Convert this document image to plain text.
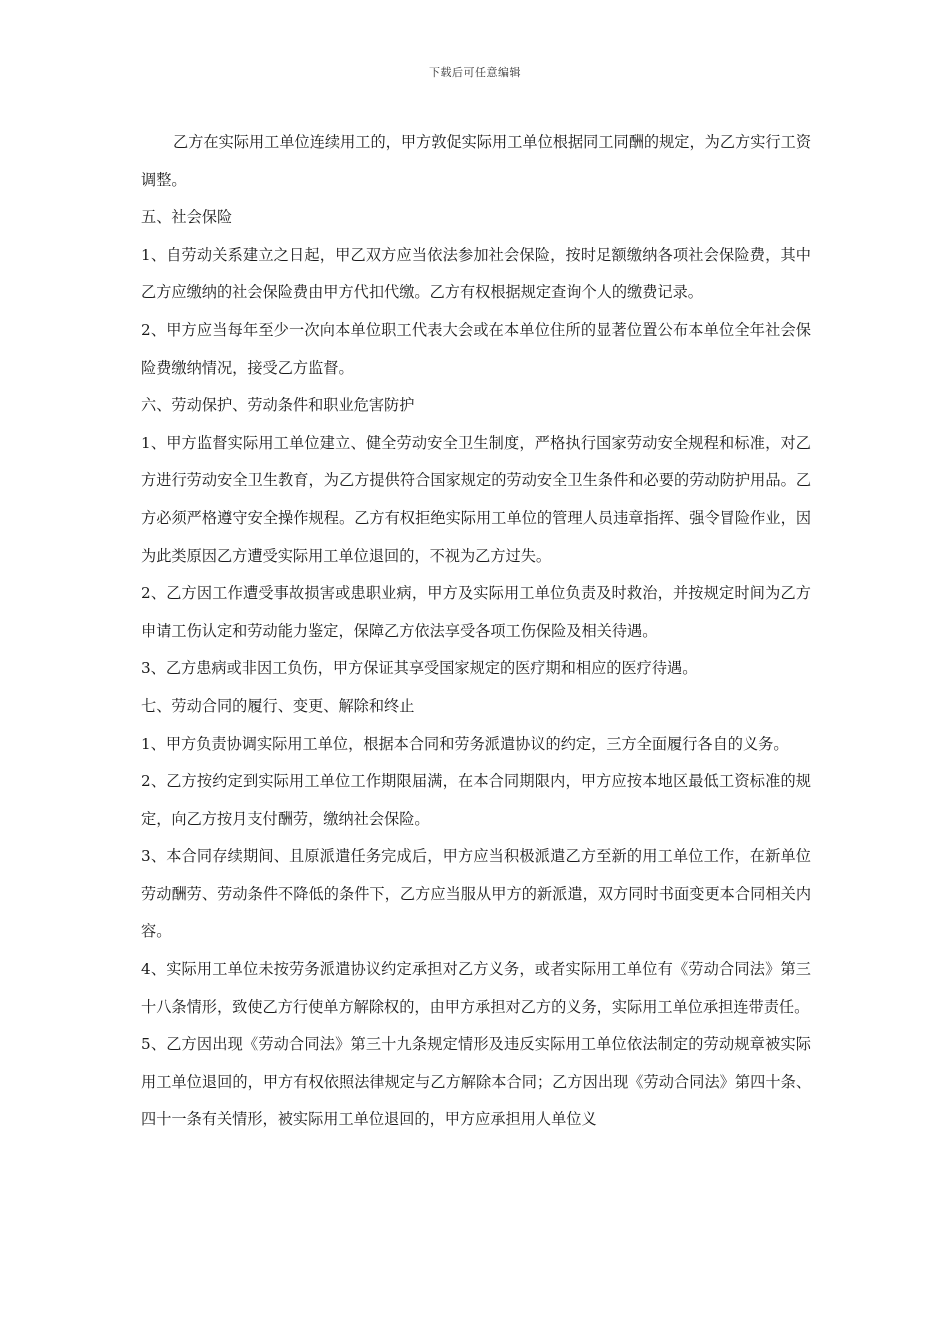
下载后可任意编辑

乙方在实际用工单位连续用工的，甲方敦促实际用工单位根据同工同酬的规定，为乙方实行工资调整。

五、社会保险

1、自劳动关系建立之日起，甲乙双方应当依法参加社会保险，按时足额缴纳各项社会保险费，其中乙方应缴纳的社会保险费由甲方代扣代缴。乙方有权根据规定查询个人的缴费记录。

2、甲方应当每年至少一次向本单位职工代表大会或在本单位住所的显著位置公布本单位全年社会保险费缴纳情况，接受乙方监督。

六、劳动保护、劳动条件和职业危害防护

1、甲方监督实际用工单位建立、健全劳动安全卫生制度，严格执行国家劳动安全规程和标准，对乙方进行劳动安全卫生教育，为乙方提供符合国家规定的劳动安全卫生条件和必要的劳动防护用品。乙方必须严格遵守安全操作规程。乙方有权拒绝实际用工单位的管理人员违章指挥、强令冒险作业，因为此类原因乙方遭受实际用工单位退回的，不视为乙方过失。

2、乙方因工作遭受事故损害或患职业病，甲方及实际用工单位负责及时救治，并按规定时间为乙方申请工伤认定和劳动能力鉴定，保障乙方依法享受各项工伤保险及相关待遇。

3、乙方患病或非因工负伤，甲方保证其享受国家规定的医疗期和相应的医疗待遇。

七、劳动合同的履行、变更、解除和终止

1、甲方负责协调实际用工单位，根据本合同和劳务派遣协议的约定，三方全面履行各自的义务。

2、乙方按约定到实际用工单位工作期限届满，在本合同期限内，甲方应按本地区最低工资标准的规定，向乙方按月支付酬劳，缴纳社会保险。

3、本合同存续期间、且原派遣任务完成后，甲方应当积极派遣乙方至新的用工单位工作，在新单位劳动酬劳、劳动条件不降低的条件下，乙方应当服从甲方的新派遣，双方同时书面变更本合同相关内容。

4、实际用工单位未按劳务派遣协议约定承担对乙方义务，或者实际用工单位有《劳动合同法》第三十八条情形，致使乙方行使单方解除权的，由甲方承担对乙方的义务，实际用工单位承担连带责任。

5、乙方因出现《劳动合同法》第三十九条规定情形及违反实际用工单位依法制定的劳动规章被实际用工单位退回的，甲方有权依照法律规定与乙方解除本合同；乙方因出现《劳动合同法》第四十条、四十一条有关情形，被实际用工单位退回的，甲方应承担用人单位义
